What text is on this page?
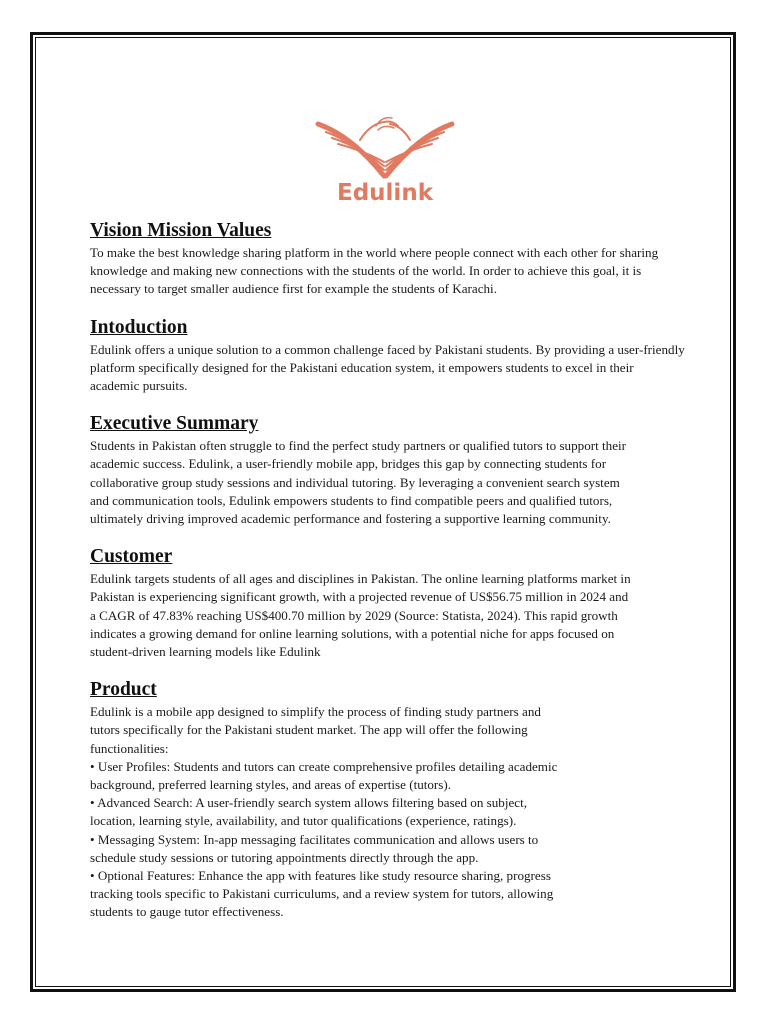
Edulink
Vision Mission Values

To make the best knowledge sharing platform in the world where people connect with each other for sharing knowledge and making new connections with the students of the world. In order to achieve this goal, it is necessary to target smaller audience first for example the students of Karachi.

Intoduction

Edulink offers a unique solution to a common challenge faced by Pakistani students. By providing a user-friendly platform specifically designed for the Pakistani education system, it empowers students to excel in their academic pursuits.

Executive Summary

Students in Pakistan often struggle to find the perfect study partners or qualified tutors to support their academic success. Edulink, a user-friendly mobile app, bridges this gap by connecting students for collaborative group study sessions and individual tutoring. By leveraging a convenient search system and communication tools, Edulink empowers students to find compatible peers and qualified tutors, ultimately driving improved academic performance and fostering a supportive learning community.

Customer

Edulink targets students of all ages and disciplines in Pakistan. The online learning platforms market in Pakistan is experiencing significant growth, with a projected revenue of US$56.75 million in 2024 and a CAGR of 47.83% reaching US$400.70 million by 2029 (Source: Statista, 2024). This rapid growth indicates a growing demand for online learning solutions, with a potential niche for apps focused on student-driven learning models like Edulink

Product

Edulink is a mobile app designed to simplify the process of finding study partners and tutors specifically for the Pakistani student market. The app will offer the following functionalities:

• User Profiles: Students and tutors can create comprehensive profiles detailing academic background, preferred learning styles, and areas of expertise (tutors).
• Advanced Search: A user-friendly search system allows filtering based on subject, location, learning style, availability, and tutor qualifications (experience, ratings).
• Messaging System: In-app messaging facilitates communication and allows users to schedule study sessions or tutoring appointments directly through the app.
• Optional Features: Enhance the app with features like study resource sharing, progress tracking tools specific to Pakistani curriculums, and a review system for tutors, allowing students to gauge tutor effectiveness.
